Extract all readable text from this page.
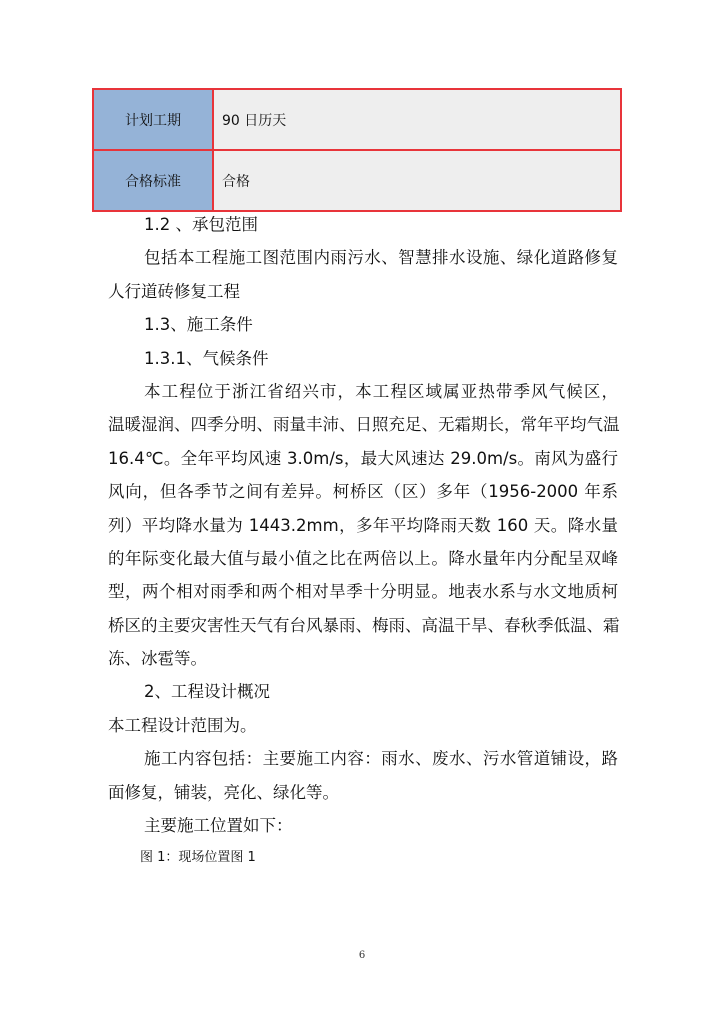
计划工期	90 日历天
合格标准	合格
1.2 、承包范围
包括本工程施工图范围内雨污水、智慧排水设施、绿化道路修复
人行道砖修复工程
1.3、施工条件
1.3.1、气候条件
本工程位于浙江省绍兴市，本工程区域属亚热带季风气候区，
温暖湿润、四季分明、雨量丰沛、日照充足、无霜期长，常年平均气温
16.4℃。全年平均风速 3.0m/s，最大风速达 29.0m/s。南风为盛行
风向，但各季节之间有差异。柯桥区（区）多年（1956-2000 年系
列）平均降水量为 1443.2mm，多年平均降雨天数 160 天。降水量
的年际变化最大值与最小值之比在两倍以上。降水量年内分配呈双峰
型，两个相对雨季和两个相对旱季十分明显。地表水系与水文地质柯
桥区的主要灾害性天气有台风暴雨、梅雨、高温干旱、春秋季低温、霜
冻、冰雹等。
2、工程设计概况
本工程设计范围为。
施工内容包括：主要施工内容：雨水、废水、污水管道铺设，路
面修复，铺装，亮化、绿化等。
主要施工位置如下：
图 1：现场位置图 1
6
